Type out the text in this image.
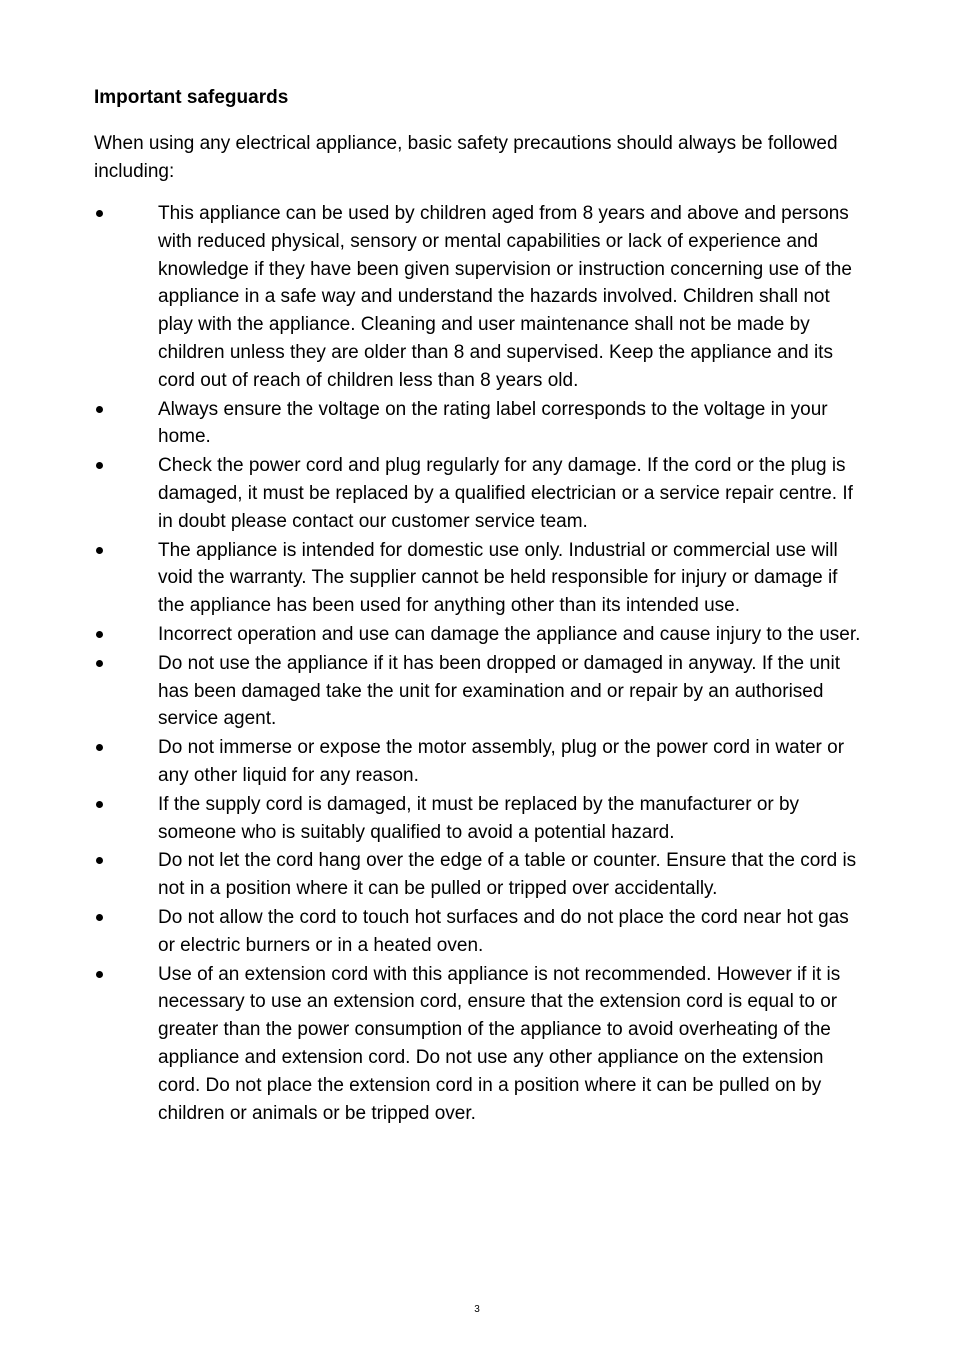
Important safeguards
When using any electrical appliance, basic safety precautions should always be followed including:
This appliance can be used by children aged from 8 years and above and persons with reduced physical, sensory or mental capabilities or lack of experience and knowledge if they have been given supervision or instruction concerning use of the appliance in a safe way and understand the hazards involved. Children shall not play with the appliance. Cleaning and user maintenance shall not be made by children unless they are older than 8 and supervised. Keep the appliance and its cord out of reach of children less than 8 years old.
Always ensure the voltage on the rating label corresponds to the voltage in your home.
Check the power cord and plug regularly for any damage. If the cord or the plug is damaged, it must be replaced by a qualified electrician or a service repair centre. If in doubt please contact our customer service team.
The appliance is intended for domestic use only. Industrial or commercial use will void the warranty. The supplier cannot be held responsible for injury or damage if the appliance has been used for anything other than its intended use.
Incorrect operation and use can damage the appliance and cause injury to the user.
Do not use the appliance if it has been dropped or damaged in anyway. If the unit has been damaged take the unit for examination and or repair by an authorised service agent.
Do not immerse or expose the motor assembly, plug or the power cord in water or any other liquid for any reason.
If the supply cord is damaged, it must be replaced by the manufacturer or by someone who is suitably qualified to avoid a potential hazard.
Do not let the cord hang over the edge of a table or counter. Ensure that the cord is not in a position where it can be pulled or tripped over accidentally.
Do not allow the cord to touch hot surfaces and do not place the cord near hot gas or electric burners or in a heated oven.
Use of an extension cord with this appliance is not recommended. However if it is necessary to use an extension cord, ensure that the extension cord is equal to or greater than the power consumption of the appliance to avoid overheating of the appliance and extension cord. Do not use any other appliance on the extension cord. Do not place the extension cord in a position where it can be pulled on by children or animals or be tripped over.
3
